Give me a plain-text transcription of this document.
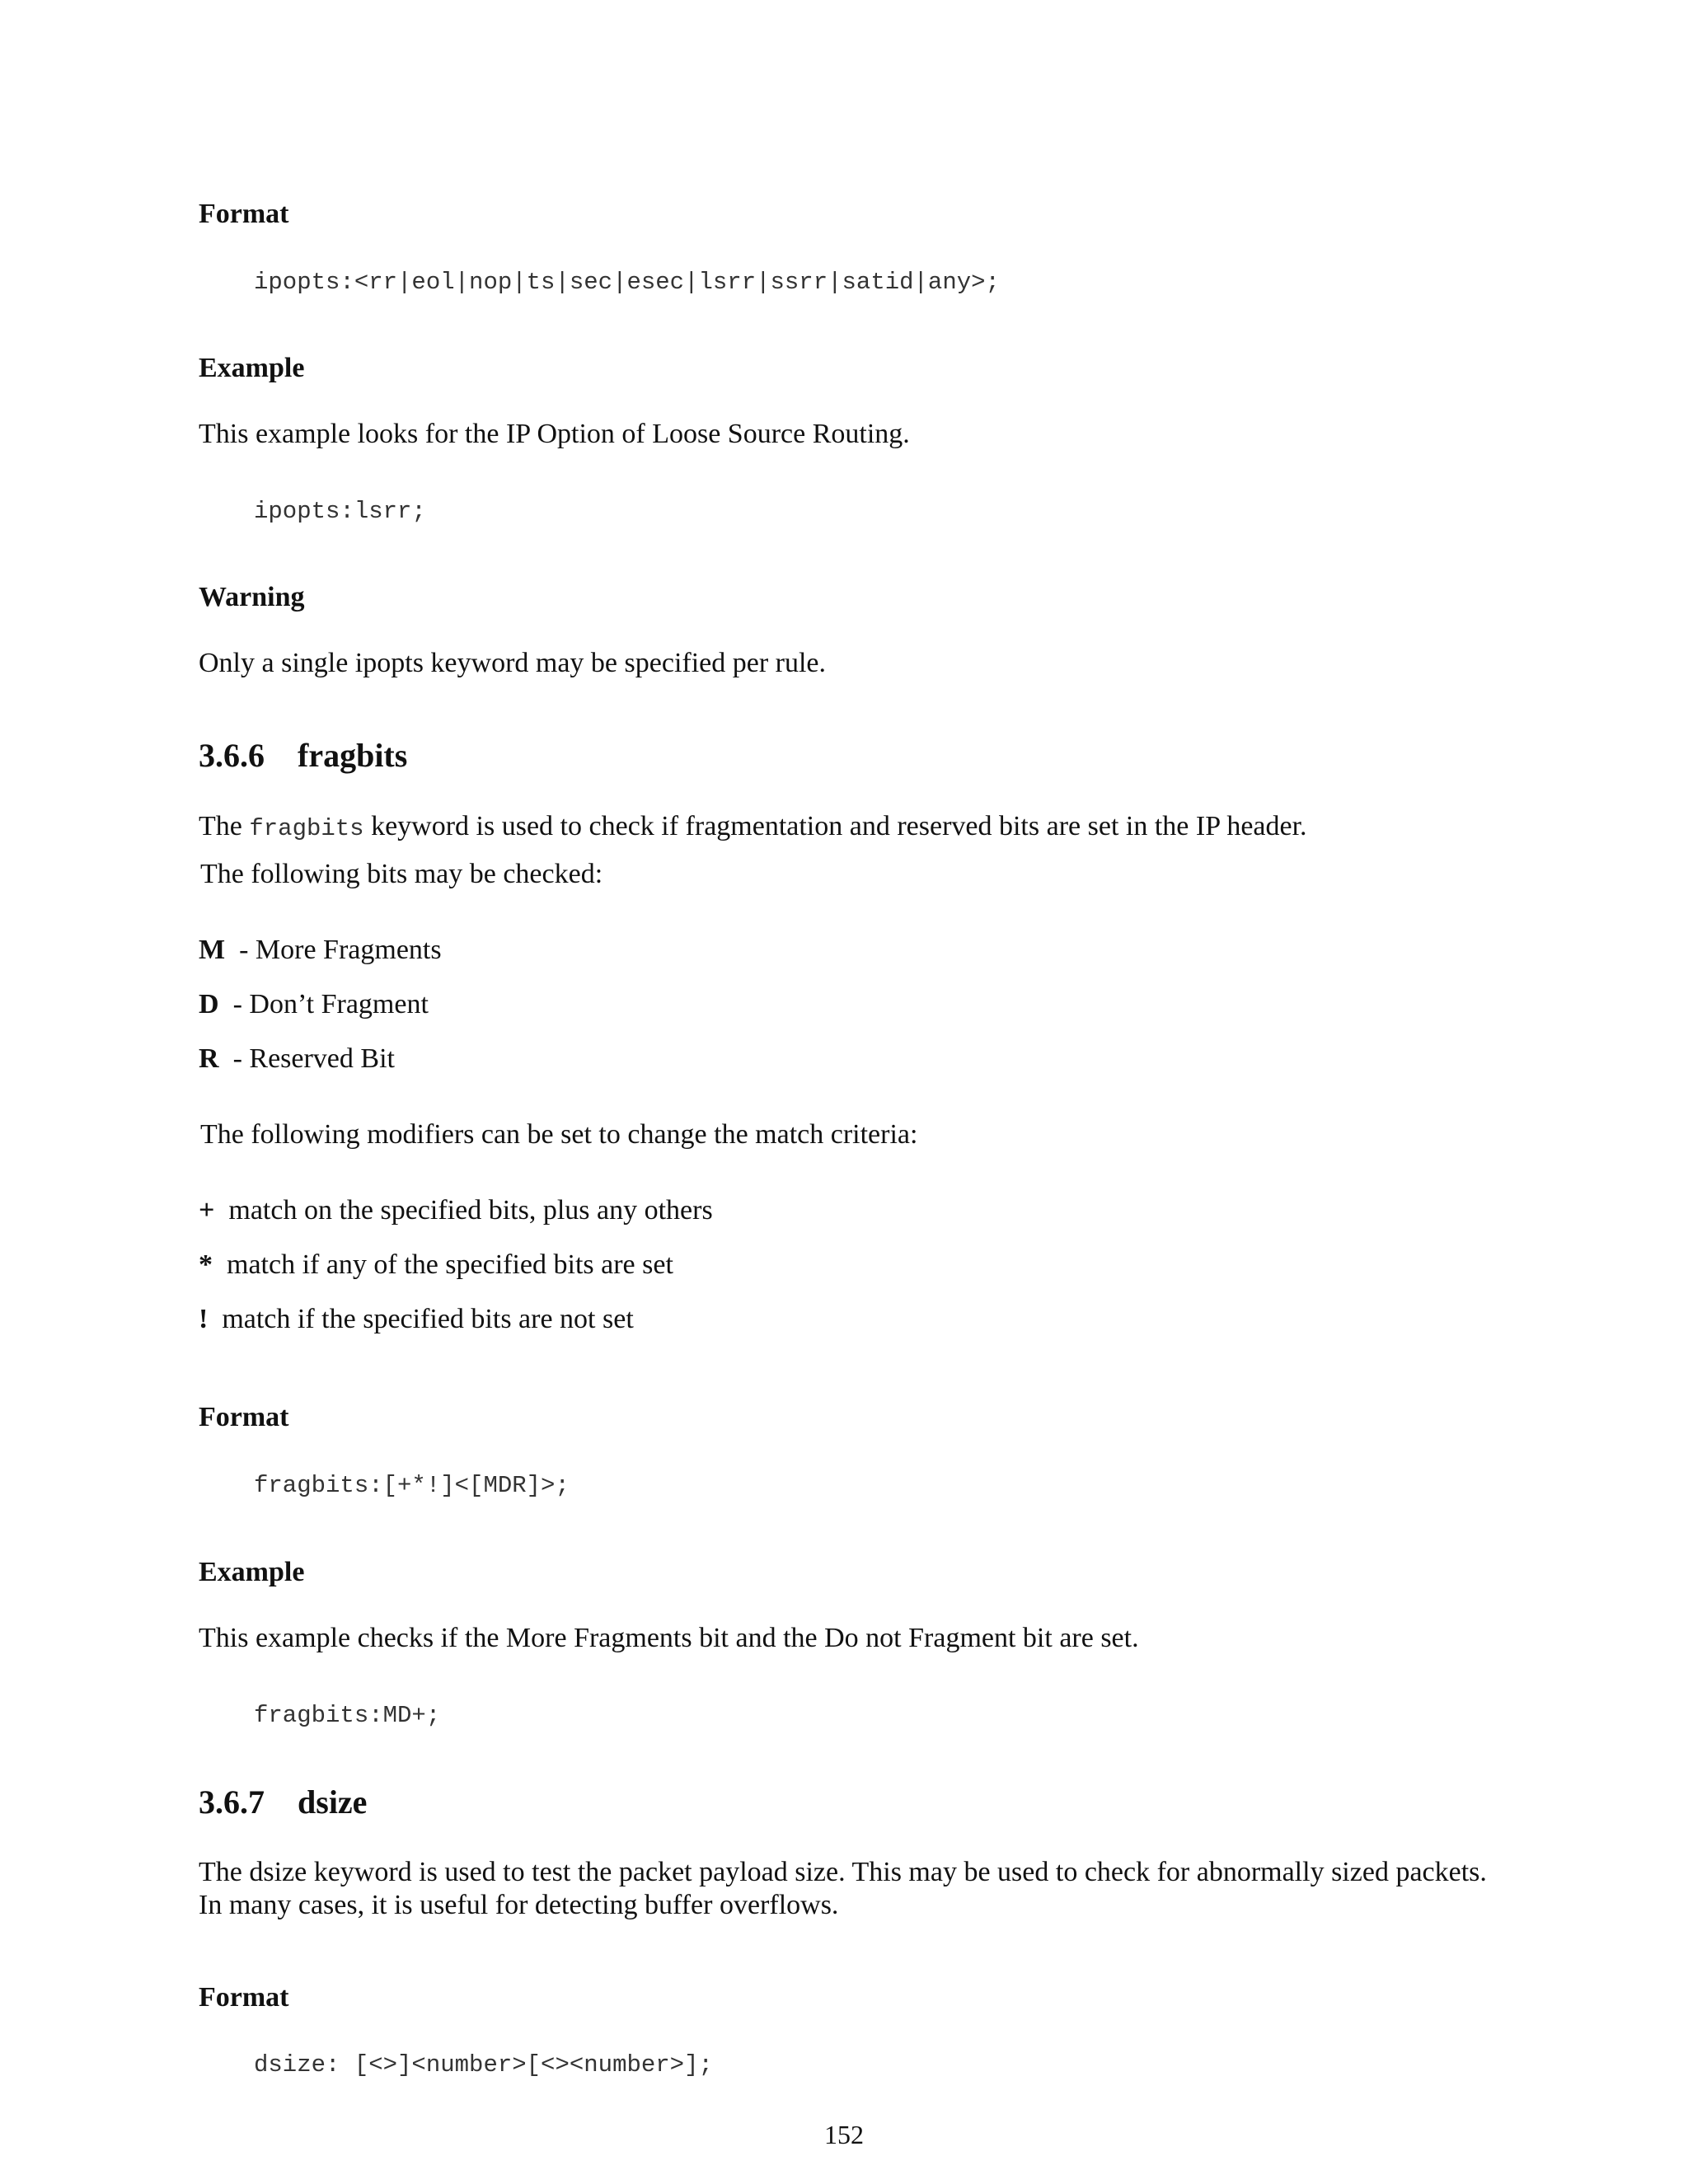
Format
ipopts:<rr|eol|nop|ts|sec|esec|lsrr|ssrr|satid|any>;
Example
This example looks for the IP Option of Loose Source Routing.
ipopts:lsrr;
Warning
Only a single ipopts keyword may be specified per rule.
3.6.6 fragbits
The fragbits keyword is used to check if fragmentation and reserved bits are set in the IP header.
The following bits may be checked:
M  - More Fragments
D  - Don’t Fragment
R  - Reserved Bit
The following modifiers can be set to change the match criteria:
+  match on the specified bits, plus any others
*  match if any of the specified bits are set
!  match if the specified bits are not set
Format
fragbits:[+*!]<[MDR]>;
Example
This example checks if the More Fragments bit and the Do not Fragment bit are set.
fragbits:MD+;
3.6.7 dsize
The dsize keyword is used to test the packet payload size. This may be used to check for abnormally sized packets. In many cases, it is useful for detecting buffer overflows.
Format
dsize: [<>]<number>[<><number>];
152
